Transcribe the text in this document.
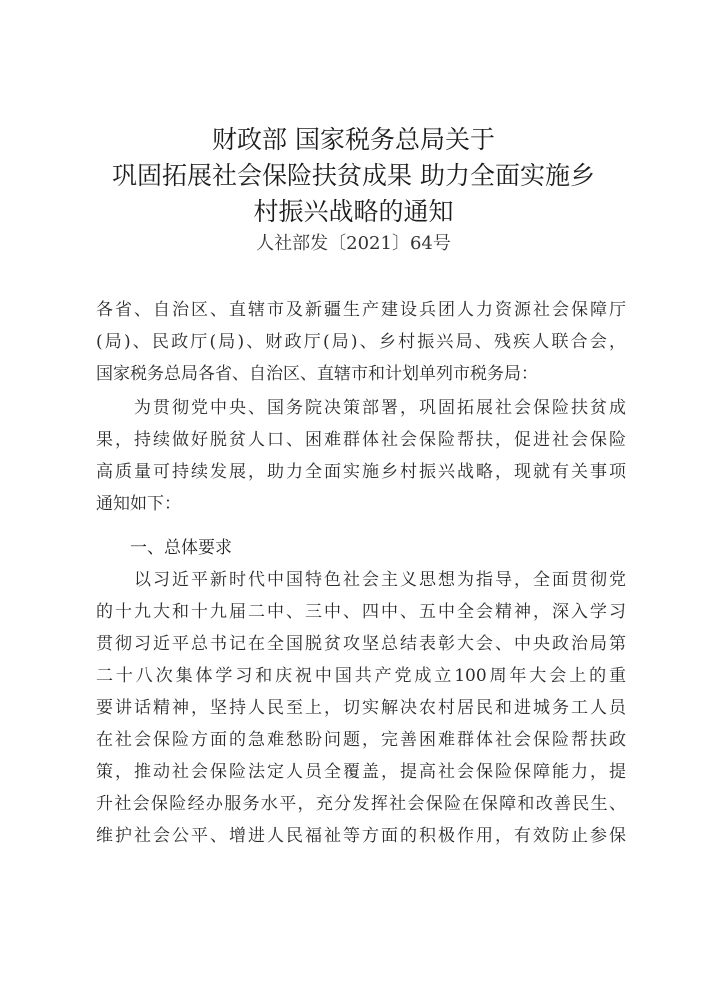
财政部 国家税务总局关于
巩固拓展社会保险扶贫成果 助力全面实施乡
村振兴战略的通知
人社部发〔2021〕64号
各省、自治区、直辖市及新疆生产建设兵团人力资源社会保障厅
(局)、民政厅(局)、财政厅(局)、乡村振兴局、残疾人联合会，
国家税务总局各省、自治区、直辖市和计划单列市税务局：
　　为贯彻党中央、国务院决策部署，巩固拓展社会保险扶贫成
果，持续做好脱贫人口、困难群体社会保险帮扶，促进社会保险
高质量可持续发展，助力全面实施乡村振兴战略，现就有关事项
通知如下：
　　一、总体要求
　　以习近平新时代中国特色社会主义思想为指导，全面贯彻党
的十九大和十九届二中、三中、四中、五中全会精神，深入学习
贯彻习近平总书记在全国脱贫攻坚总结表彰大会、中央政治局第
二十八次集体学习和庆祝中国共产党成立100周年大会上的重
要讲话精神，坚持人民至上，切实解决农村居民和进城务工人员
在社会保险方面的急难愁盼问题，完善困难群体社会保险帮扶政
策，推动社会保险法定人员全覆盖，提高社会保险保障能力，提
升社会保险经办服务水平，充分发挥社会保险在保障和改善民生、
维护社会公平、增进人民福祉等方面的积极作用，有效防止参保
